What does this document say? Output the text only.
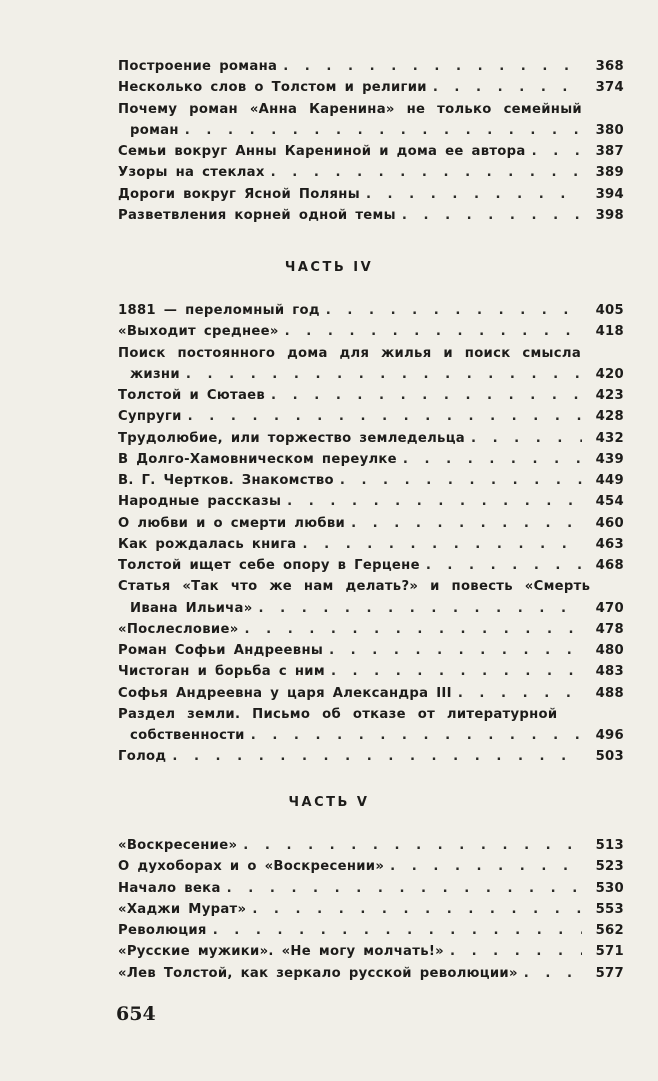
Построение романа . . .	368
Несколько слов о Толстом и религии . . .	374
Почему роман «Анна Каренина» не только семейный
роман . . .	380
Семьи вокруг Анны Карениной и дома ее автора . . .	387
Узоры на стеклах . . .	389
Дороги вокруг Ясной Поляны . . .	394
Разветвления корней одной темы . . .	398
ЧАСТЬ IV
1881 — переломный год . . .	405
«Выходит среднее» . . .	418
Поиск постоянного дома для жилья и поиск смысла
жизни . . .	420
Толстой и Сютаев . . .	423
Супруги . . .	428
Трудолюбие, или торжество земледельца . . .	432
В Долго-Хамовническом переулке . . .	439
В. Г. Чертков. Знакомство . . .	449
Народные рассказы . . .	454
О любви и о смерти любви . . .	460
Как рождалась книга . . .	463
Толстой ищет себе опору в Герцене . . .	468
Статья «Так что же нам делать?» и повесть «Смерть
Ивана Ильича» . . .	470
«Послесловие» . . .	478
Роман Софьи Андреевны . . .	480
Чистоган и борьба с ним . . .	483
Софья Андреевна у царя Александра III . . .	488
Раздел земли. Письмо об отказе от литературной
собственности . . .	496
Голод . . .	503
ЧАСТЬ V
«Воскресение» . . .	513
О духоборах и о «Воскресении» . . .	523
Начало века . . .	530
«Хаджи Мурат» . . .	553
Революция . . .	562
«Русские мужики». «Не могу молчать!» . . .	571
«Лев Толстой, как зеркало русской революции» . . .	577
654
